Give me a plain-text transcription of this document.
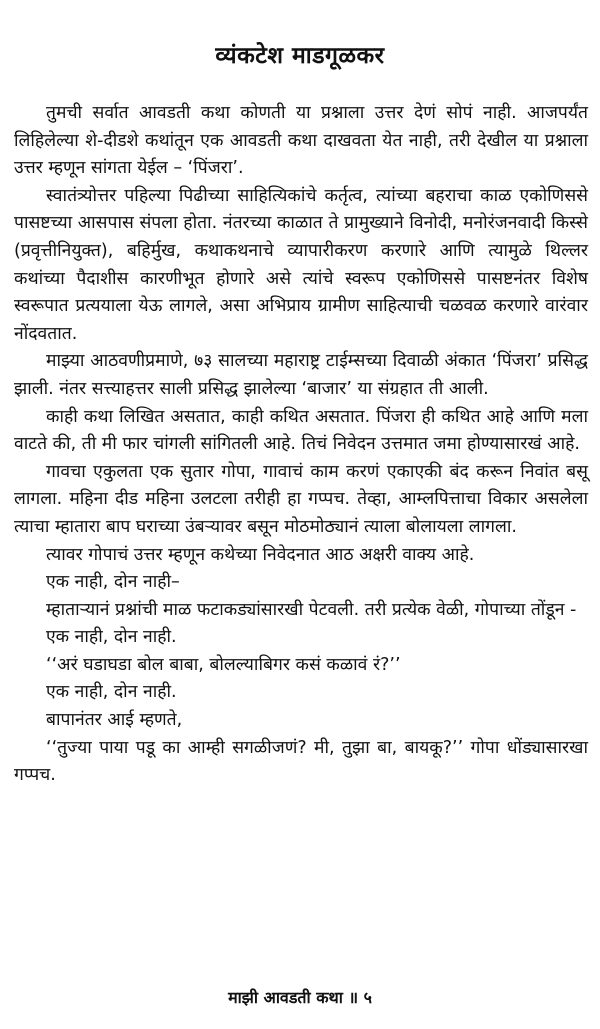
व्यंकटेश माडगूळकर

तुमची सर्वात आवडती कथा कोणती या प्रश्नाला उत्तर देणं सोपं नाही. आजपर्यंत लिहिलेल्या शे-दीडशे कथांतून एक आवडती कथा दाखवता येत नाही, तरी देखील या प्रश्नाला उत्तर म्हणून सांगता येईल – ‘पिंजरा’.

स्वातंत्र्योत्तर पहिल्या पिढीच्या साहित्यिकांचे कर्तृत्व, त्यांच्या बहराचा काळ एकोणिससे पासष्टच्या आसपास संपला होता. नंतरच्या काळात ते प्रामुख्याने विनोदी, मनोरंजनवादी किस्से (प्रवृत्तीनियुक्त), बहिर्मुख, कथाकथनाचे व्यापारीकरण करणारे आणि त्यामुळे थिल्लर कथांच्या पैदाशीस कारणीभूत होणारे असे त्यांचे स्वरूप एकोणिससे पासष्टनंतर विशेष स्वरूपात प्रत्ययाला येऊ लागले, असा अभिप्राय ग्रामीण साहित्याची चळवळ करणारे वारंवार नोंदवतात.

माझ्या आठवणीप्रमाणे, ७३ सालच्या महाराष्ट्र टाईम्सच्या दिवाळी अंकात ‘पिंजरा’ प्रसिद्ध झाली. नंतर सत्त्याहत्तर साली प्रसिद्ध झालेल्या ‘बाजार’ या संग्रहात ती आली.

काही कथा लिखित असतात, काही कथित असतात. पिंजरा ही कथित आहे आणि मला वाटते की, ती मी फार चांगली सांगितली आहे. तिचं निवेदन उत्तमात जमा होण्यासारखं आहे.

गावचा एकुलता एक सुतार गोपा, गावाचं काम करणं एकाएकी बंद करून निवांत बसू लागला. महिना दीड महिना उलटला तरीही हा गप्पच. तेव्हा, आम्लपित्ताचा विकार असलेला त्याचा म्हातारा बाप घराच्या उंबऱ्यावर बसून मोठमोठ्यानं त्याला बोलायला लागला.

त्यावर गोपाचं उत्तर म्हणून कथेच्या निवेदनात आठ अक्षरी वाक्य आहे.

एक नाही, दोन नाही–

म्हाताऱ्यानं प्रश्नांची माळ फटाकड्यांसारखी पेटवली. तरी प्रत्येक वेळी, गोपाच्या तोंडून -

एक नाही, दोन नाही.

‘‘अरं घडाघडा बोल बाबा, बोलल्याबिगर कसं कळावं रं?’’

एक नाही, दोन नाही.

बापानंतर आई म्हणते,

‘‘तुज्या पाया पडू का आम्ही सगळीजणं? मी, तुझा बा, बायकू?’’ गोपा धोंड्यासारखा गप्पच.

माझी आवडती कथा ॥ ५
